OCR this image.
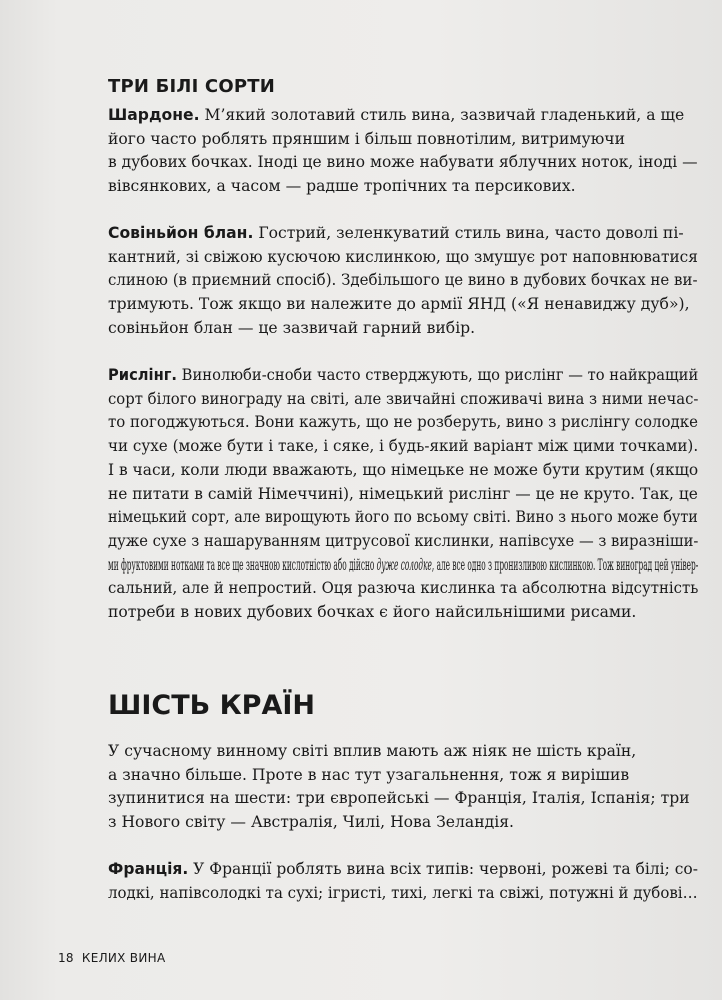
ТРИ БІЛІ СОРТИ

Шардоне. М’який золотавий стиль вина, зазвичай гладенький, а ще
його часто роблять пряншим і більш повнотілим, витримуючи
в дубових бочках. Іноді це вино може набувати яблучних ноток, іноді —
вівсянкових, а часом — радше тропічних та персикових.

Совіньйон блан. Гострий, зеленкуватий стиль вина, часто доволі пі-
кантний, зі свіжою кусючою кислинкою, що змушує рот наповнюватися
слиною (в приємний спосіб). Здебільшого це вино в дубових бочках не ви-
тримують. Тож якщо ви належите до армії ЯНД («Я ненавиджу дуб»),
совіньйон блан — це зазвичай гарний вибір.

Рислінг. Винолюби-сноби часто стверджують, що рислінг — то найкращий
сорт білого винограду на світі, але звичайні споживачі вина з ними нечас-
то погоджуються. Вони кажуть, що не розберуть, вино з рислінгу солодке
чи сухе (може бути і таке, і сяке, і будь-який варіант між цими точками).
І в часи, коли люди вважають, що німецьке не може бути крутим (якщо
не питати в самій Німеччині), німецький рислінг — це не круто. Так, це
німецький сорт, але вирощують його по всьому світі. Вино з нього може бути
дуже сухе з нашаруванням цитрусової кислинки, напівсухе — з виразніши-
ми фруктовими нотками та все ще значною кислотністю або дійсно дуже солодке, але все одно з пронизливою кислинкою. Тож виноград цей універ-
сальний, але й непростий. Оця разюча кислинка та абсолютна відсутність
потреби в нових дубових бочках є його найсильнішими рисами.

ШІСТЬ КРАЇН

У сучасному винному світі вплив мають аж ніяк не шість країн,
а значно більше. Проте в нас тут узагальнення, тож я вирішив
зупинитися на шести: три європейські — Франція, Італія, Іспанія; три
з Нового світу — Австралія, Чилі, Нова Зеландія.

Франція. У Франції роблять вина всіх типів: червоні, рожеві та білі; со-
лодкі, напівсолодкі та сухі; ігристі, тихі, легкі та свіжі, потужні й дубові…

18 КЕЛИХ ВИНА
